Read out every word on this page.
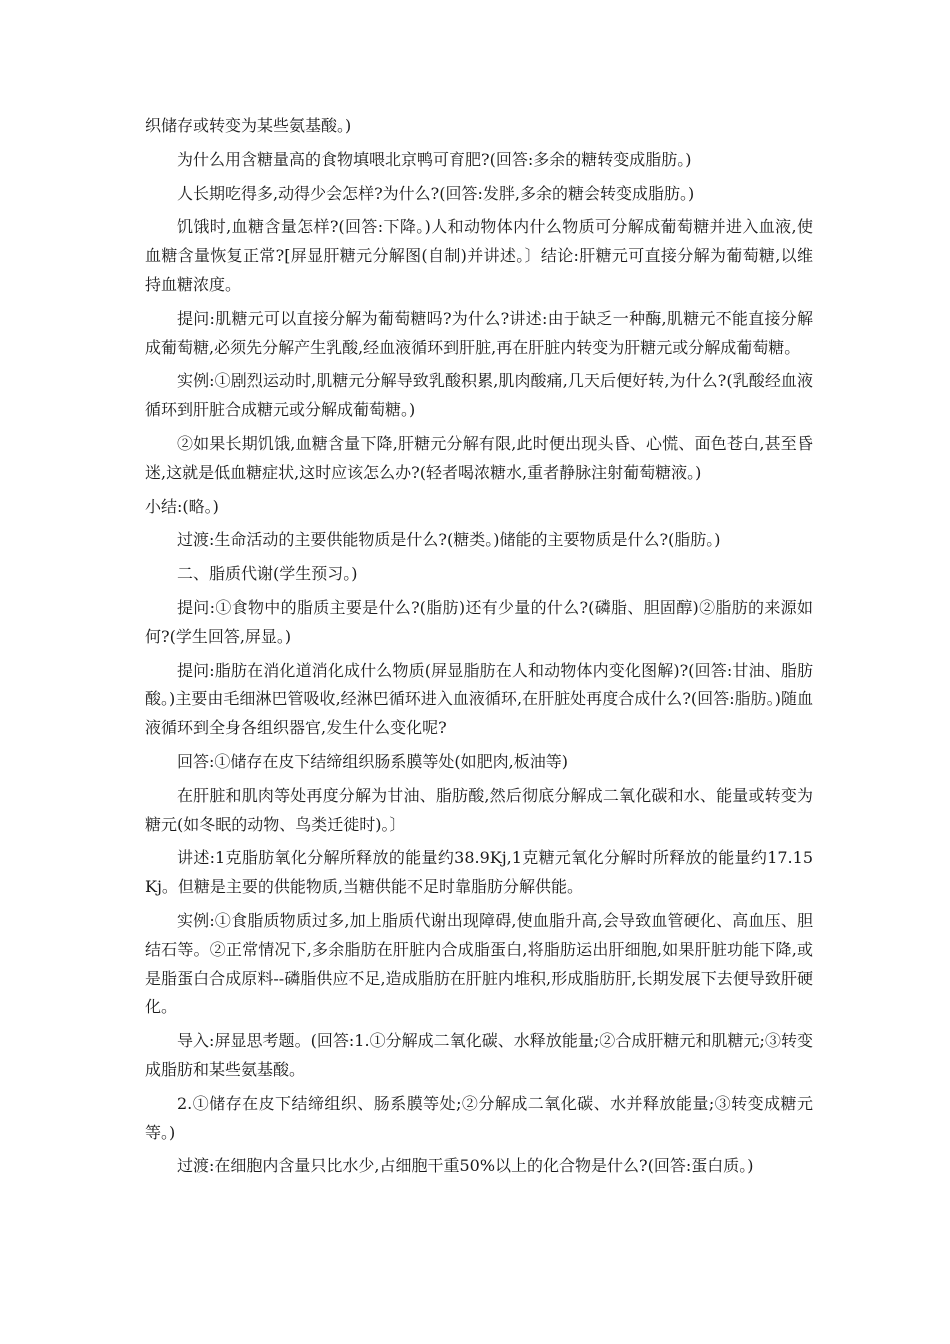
织储存或转变为某些氨基酸。)

为什么用含糖量高的食物填喂北京鸭可育肥?(回答:多余的糖转变成脂肪。)

人长期吃得多,动得少会怎样?为什么?(回答:发胖,多余的糖会转变成脂肪。)

饥饿时,血糖含量怎样?(回答:下降。)人和动物体内什么物质可分解成葡萄糖并进入血液,使血糖含量恢复正常?[屏显肝糖元分解图(自制)并讲述。〕结论:肝糖元可直接分解为葡萄糖,以维持血糖浓度。

提问:肌糖元可以直接分解为葡萄糖吗?为什么?讲述:由于缺乏一种酶,肌糖元不能直接分解成葡萄糖,必须先分解产生乳酸,经血液循环到肝脏,再在肝脏内转变为肝糖元或分解成葡萄糖。

实例:①剧烈运动时,肌糖元分解导致乳酸积累,肌肉酸痛,几天后便好转,为什么?(乳酸经血液循环到肝脏合成糖元或分解成葡萄糖。)

②如果长期饥饿,血糖含量下降,肝糖元分解有限,此时便出现头昏、心慌、面色苍白,甚至昏迷,这就是低血糖症状,这时应该怎么办?(轻者喝浓糖水,重者静脉注射葡萄糖液。)

小结:(略。)

过渡:生命活动的主要供能物质是什么?(糖类。)储能的主要物质是什么?(脂肪。)

二、脂质代谢(学生预习。)

提问:①食物中的脂质主要是什么?(脂肪)还有少量的什么?(磷脂、胆固醇)②脂肪的来源如何?(学生回答,屏显。)

提问:脂肪在消化道消化成什么物质(屏显脂肪在人和动物体内变化图解)?(回答:甘油、脂肪酸。)主要由毛细淋巴管吸收,经淋巴循环进入血液循环,在肝脏处再度合成什么?(回答:脂肪。)随血液循环到全身各组织器官,发生什么变化呢?

回答:①储存在皮下结缔组织肠系膜等处(如肥肉,板油等)

在肝脏和肌肉等处再度分解为甘油、脂肪酸,然后彻底分解成二氧化碳和水、能量或转变为糖元(如冬眠的动物、鸟类迁徙时)。〕

讲述:1克脂肪氧化分解所释放的能量约38.9Kj,1克糖元氧化分解时所释放的能量约17.15Kj。但糖是主要的供能物质,当糖供能不足时靠脂肪分解供能。

实例:①食脂质物质过多,加上脂质代谢出现障碍,使血脂升高,会导致血管硬化、高血压、胆结石等。②正常情况下,多余脂肪在肝脏内合成脂蛋白,将脂肪运出肝细胞,如果肝脏功能下降,或是脂蛋白合成原料--磷脂供应不足,造成脂肪在肝脏内堆积,形成脂肪肝,长期发展下去便导致肝硬化。

导入:屏显思考题。(回答:1.①分解成二氧化碳、水释放能量;②合成肝糖元和肌糖元;③转变成脂肪和某些氨基酸。

2.①储存在皮下结缔组织、肠系膜等处;②分解成二氧化碳、水并释放能量;③转变成糖元等。)

过渡:在细胞内含量只比水少,占细胞干重50%以上的化合物是什么?(回答:蛋白质。)
